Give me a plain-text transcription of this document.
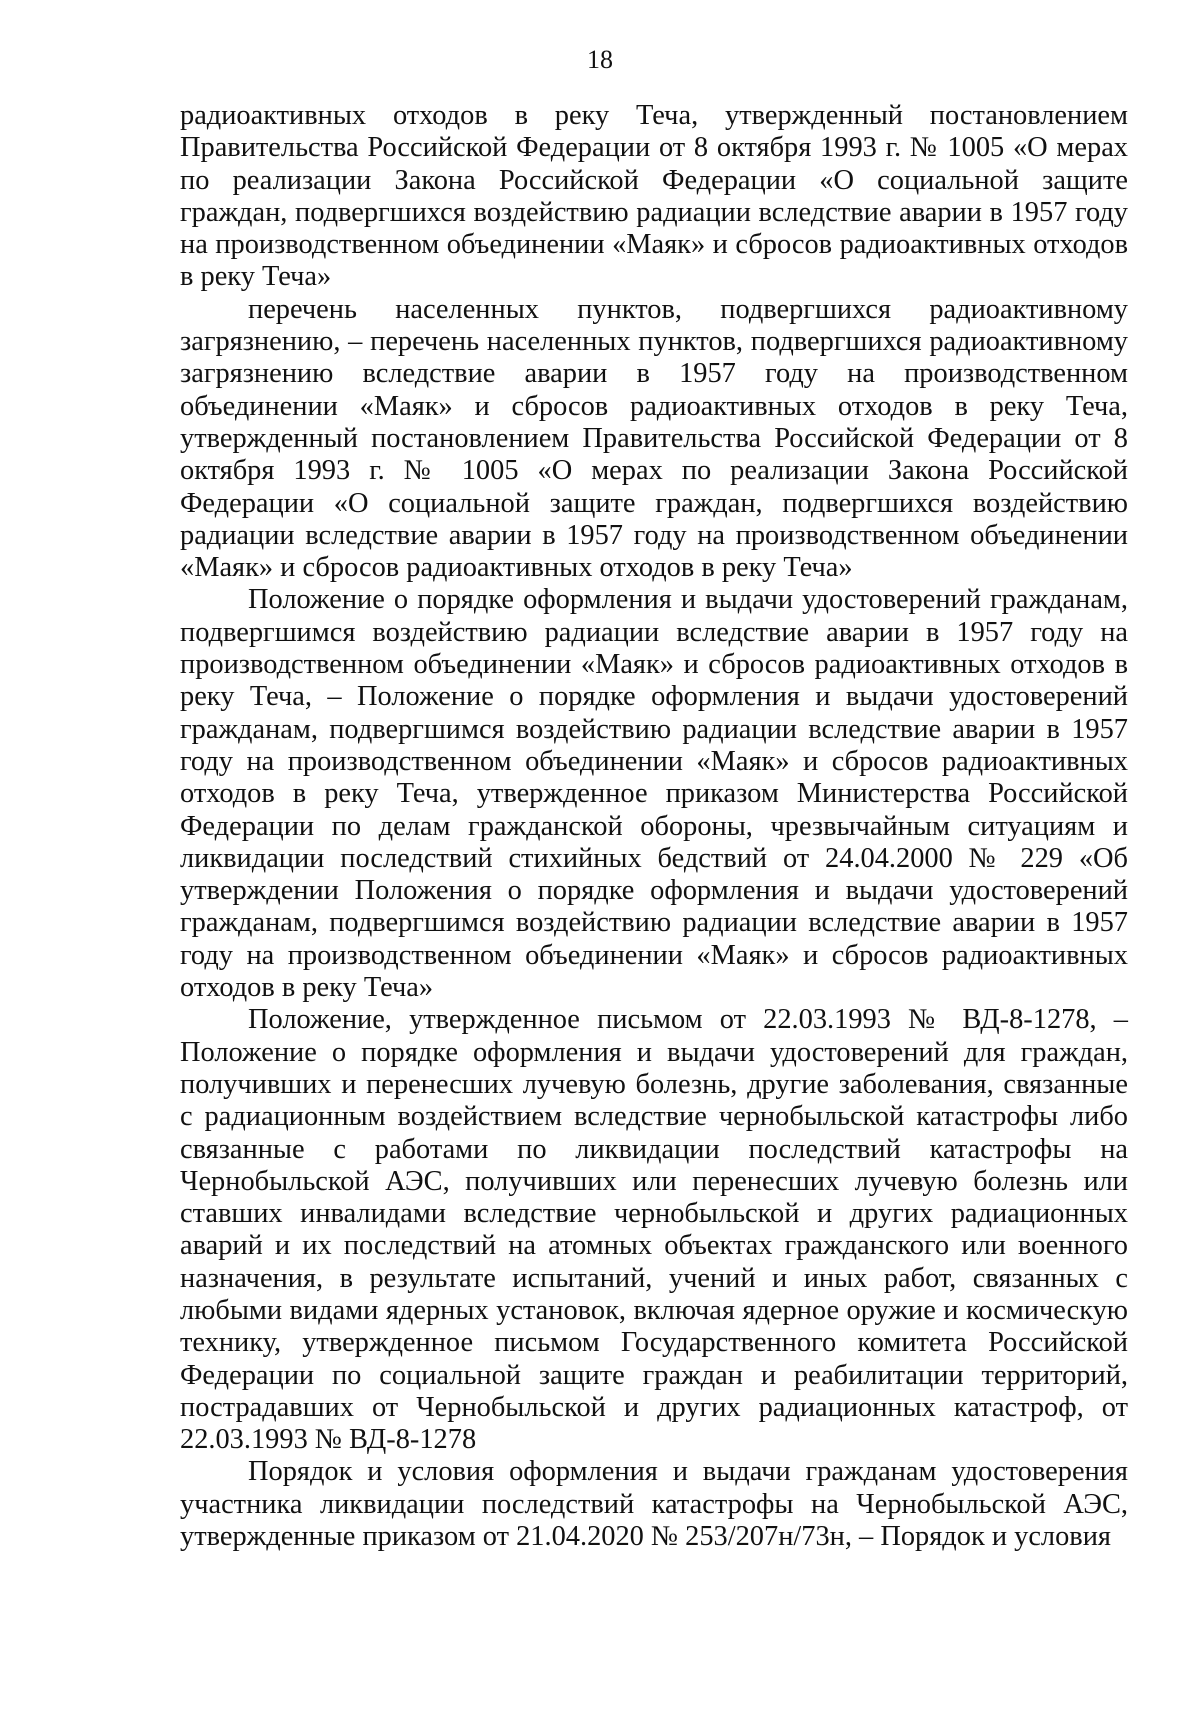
18

радиоактивных отходов в реку Теча, утвержденный постановлением Правительства Российской Федерации от 8 октября 1993 г. № 1005 «О мерах по реализации Закона Российской Федерации «О социальной защите граждан, подвергшихся воздействию радиации вследствие аварии в 1957 году на производственном объединении «Маяк» и сбросов радиоактивных отходов в реку Теча»

перечень населенных пунктов, подвергшихся радиоактивному загрязнению, – перечень населенных пунктов, подвергшихся радиоактивному загрязнению вследствие аварии в 1957 году на производственном объединении «Маяк» и сбросов радиоактивных отходов в реку Теча, утвержденный постановлением Правительства Российской Федерации от 8 октября 1993 г. № 1005 «О мерах по реализации Закона Российской Федерации «О социальной защите граждан, подвергшихся воздействию радиации вследствие аварии в 1957 году на производственном объединении «Маяк» и сбросов радиоактивных отходов в реку Теча»

Положение о порядке оформления и выдачи удостоверений гражданам, подвергшимся воздействию радиации вследствие аварии в 1957 году на производственном объединении «Маяк» и сбросов радиоактивных отходов в реку Теча, – Положение о порядке оформления и выдачи удостоверений гражданам, подвергшимся воздействию радиации вследствие аварии в 1957 году на производственном объединении «Маяк» и сбросов радиоактивных отходов в реку Теча, утвержденное приказом Министерства Российской Федерации по делам гражданской обороны, чрезвычайным ситуациям и ликвидации последствий стихийных бедствий от 24.04.2000 № 229 «Об утверждении Положения о порядке оформления и выдачи удостоверений гражданам, подвергшимся воздействию радиации вследствие аварии в 1957 году на производственном объединении «Маяк» и сбросов радиоактивных отходов в реку Теча»

Положение, утвержденное письмом от 22.03.1993 № ВД-8-1278, – Положение о порядке оформления и выдачи удостоверений для граждан, получивших и перенесших лучевую болезнь, другие заболевания, связанные с радиационным воздействием вследствие чернобыльской катастрофы либо связанные с работами по ликвидации последствий катастрофы на Чернобыльской АЭС, получивших или перенесших лучевую болезнь или ставших инвалидами вследствие чернобыльской и других радиационных аварий и их последствий на атомных объектах гражданского или военного назначения, в результате испытаний, учений и иных работ, связанных с любыми видами ядерных установок, включая ядерное оружие и космическую технику, утвержденное письмом Государственного комитета Российской Федерации по социальной защите граждан и реабилитации территорий, пострадавших от Чернобыльской и других радиационных катастроф, от 22.03.1993 № ВД-8-1278

Порядок и условия оформления и выдачи гражданам удостоверения участника ликвидации последствий катастрофы на Чернобыльской АЭС, утвержденные приказом от 21.04.2020 № 253/207н/73н, – Порядок и условия
